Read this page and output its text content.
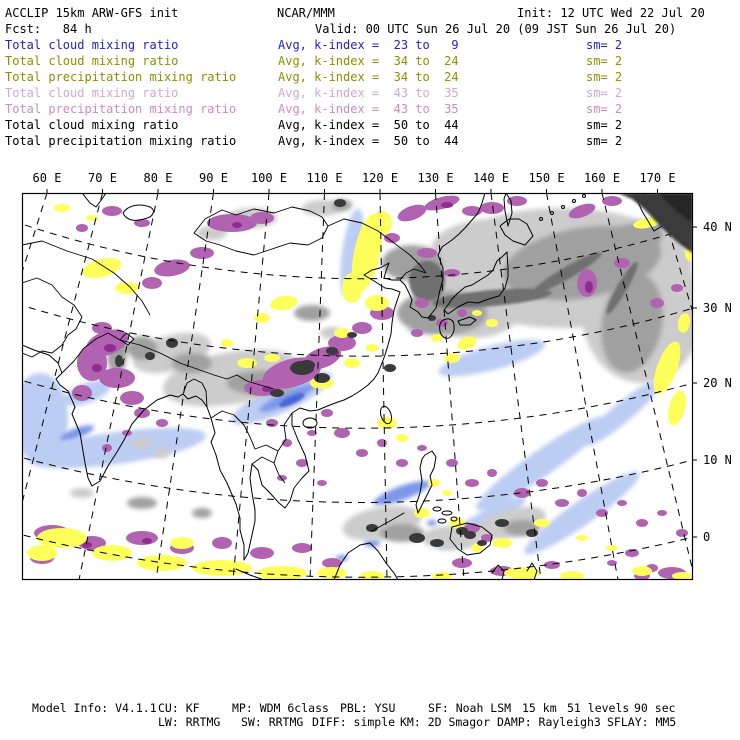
ACCLIP 15km ARW-GFS init	NCAR/MMM	Init: 12 UTC Wed 22 Jul 20
Fcst:   84 h	Valid: 00 UTC Sun 26 Jul 20 (09 JST Sun 26 Jul 20)
Total cloud mixing ratio	Avg, k-index =  23 to   9	sm= 2
Total cloud mixing ratio	Avg, k-index =  34 to  24	sm= 2
Total precipitation mixing ratio	Avg, k-index =  34 to  24	sm= 2
Total cloud mixing ratio	Avg, k-index =  43 to  35	sm= 2
Total precipitation mixing ratio	Avg, k-index =  43 to  35	sm= 2
Total cloud mixing ratio	Avg, k-index =  50 to  44	sm= 2
Total precipitation mixing ratio	Avg, k-index =  50 to  44	sm= 2
60 E	70 E	80 E	90 E	100 E 110 E 120 E 130 E 140 E 150 E 160 E 170 E
40 N
30 N
20 N
10 N
0
Model Info: V4.1.1 CU: KF	MP: WDM 6class PBL: YSU	SF: Noah LSM 15 km 51 levels 90 sec
LW: RRTMG SW: RRTMG DIFF: simple KM: 2D Smagor DAMP: Rayleigh3 SFLAY: MM5
